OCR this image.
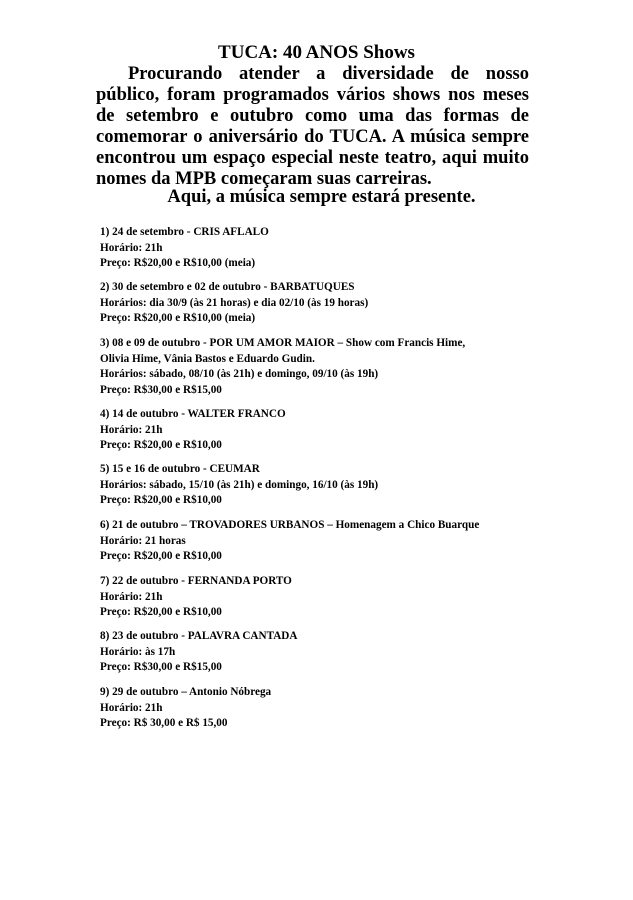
TUCA: 40 ANOS Shows
Procurando atender a diversidade de nosso público, foram programados vários shows nos meses de setembro e outubro como uma das formas de comemorar o aniversário do TUCA. A música sempre encontrou um espaço especial neste teatro, aqui muito nomes da MPB começaram suas carreiras.
Aqui, a música sempre estará presente.
1) 24 de setembro - CRIS AFLALO
Horário: 21h
Preço: R$20,00 e R$10,00 (meia)
2) 30 de setembro e 02 de outubro - BARBATUQUES
Horários: dia 30/9 (às 21 horas) e dia 02/10 (às 19 horas)
Preço: R$20,00 e R$10,00 (meia)
3) 08 e 09 de outubro - POR UM AMOR MAIOR – Show com Francis Hime,
Olivia Hime, Vânia Bastos e Eduardo Gudin.
Horários: sábado, 08/10 (às 21h) e domingo, 09/10 (às 19h)
Preço: R$30,00 e R$15,00
4) 14 de outubro - WALTER FRANCO
Horário: 21h
Preço: R$20,00 e R$10,00
5) 15 e 16 de outubro - CEUMAR
Horários: sábado, 15/10 (às 21h) e domingo, 16/10 (às 19h)
Preço: R$20,00 e R$10,00
6) 21 de outubro – TROVADORES URBANOS – Homenagem a Chico Buarque
Horário: 21 horas
Preço: R$20,00 e R$10,00
7) 22 de outubro - FERNANDA PORTO
Horário: 21h
Preço: R$20,00 e R$10,00
8) 23 de outubro - PALAVRA CANTADA
Horário: às 17h
Preço: R$30,00 e R$15,00
9) 29 de outubro – Antonio Nóbrega
Horário: 21h
Preço: R$ 30,00 e R$ 15,00
